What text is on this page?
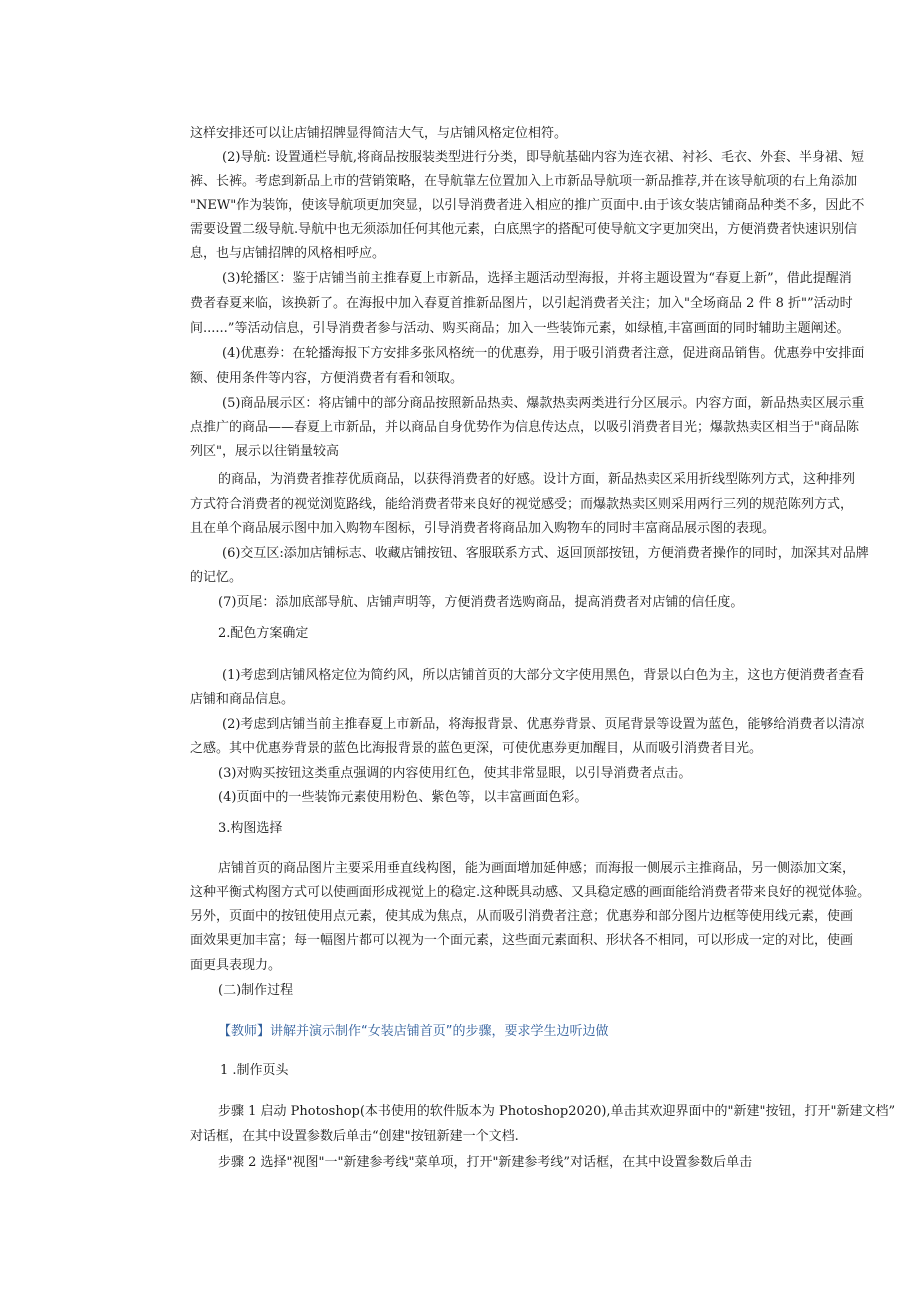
这样安排还可以让店铺招牌显得简洁大气，与店铺风格定位相符。
(2)导航: 设置通栏导航,将商品按服装类型进行分类，即导航基础内容为连衣裙、衬衫、毛衣、外套、半身裙、短
裤、长裤。考虑到新品上市的营销策略，在导航靠左位置加入上市新品导航项一新品推荐,并在该导航项的右上角添加
"NEW"作为装饰，使该导航项更加突显，以引导消费者进入相应的推广页面中.由于该女装店铺商品种类不多，因此不
需要设置二级导航.导航中也无须添加任何其他元素，白底黑字的搭配可使导航文字更加突出，方便消费者快速识别信
息，也与店铺招牌的风格相呼应。
(3)轮播区：鉴于店铺当前主推春夏上市新品，选择主题活动型海报，并将主题设置为“春夏上新”，借此提醒消
费者春夏来临，该换新了。在海报中加入春夏首推新品图片，以引起消费者关注；加入"全场商品 2 件 8 折"”活动时
间......”等活动信息，引导消费者参与活动、购买商品；加入一些装饰元素，如绿植,丰富画面的同时辅助主题阐述。
(4)优惠券：在轮播海报下方安排多张风格统一的优惠券，用于吸引消费者注意，促进商品销售。优惠券中安排面
额、使用条件等内容，方便消费者有看和领取。
(5)商品展示区：将店铺中的部分商品按照新品热卖、爆款热卖两类进行分区展示。内容方面，新品热卖区展示重
点推广的商品——春夏上市新品，并以商品自身优势作为信息传达点，以吸引消费者目光；爆款热卖区相当于"商品陈
列区"，展示以往销量较高
的商品，为消费者推荐优质商品，以获得消费者的好感。设计方面，新品热卖区采用折线型陈列方式，这种排列
方式符合消费者的视觉浏览路线，能给消费者带来良好的视觉感受；而爆款热卖区则采用两行三列的规范陈列方式，
且在单个商品展示图中加入购物车图标，引导消费者将商品加入购物车的同时丰富商品展示图的表现。
(6)交互区:添加店铺标志、收藏店铺按钮、客服联系方式、返回顶部按钮，方便消费者操作的同时，加深其对品牌
的记忆。
(7)页尾：添加底部导航、店铺声明等，方便消费者选购商品，提高消费者对店铺的信任度。
2.配色方案确定
(1)考虑到店铺风格定位为简约风，所以店铺首页的大部分文字使用黑色，背景以白色为主，这也方便消费者查看
店铺和商品信息。
(2)考虑到店铺当前主推春夏上市新品，将海报背景、优惠券背景、页尾背景等设置为蓝色，能够给消费者以清凉
之感。其中优惠券背景的蓝色比海报背景的蓝色更深，可使优惠券更加醒目，从而吸引消费者目光。
(3)对购买按钮这类重点强调的内容使用红色，使其非常显眼，以引导消费者点击。
(4)页面中的一些装饰元素使用粉色、紫色等，以丰富画面色彩。
3.构图选择
店铺首页的商品图片主要采用垂直线构图，能为画面增加延伸感；而海报一侧展示主推商品，另一侧添加文案，
这种平衡式构图方式可以使画面形成视觉上的稳定.这种既具动感、又具稳定感的画面能给消费者带来良好的视觉体验。
另外，页面中的按钮使用点元素，使其成为焦点，从而吸引消费者注意；优惠券和部分图片边框等使用线元素，使画
面效果更加丰富；每一幅图片都可以视为一个面元素，这些面元素面积、形状各不相同，可以形成一定的对比，使画
面更具表现力。
(二)制作过程
【教师】讲解并演示制作“女装店铺首页”的步骤，要求学生边听边做
1 .制作页头
步骤 1 启动 Photoshop(本书使用的软件版本为 Photoshop2020),单击其欢迎界面中的"新建"按钮，打开"新建文档”
对话框，在其中设置参数后单击“创建"按钮新建一个文档.
步骤 2 选择"视图"一"新建参考线"菜单项，打开"新建参考线”对话框，在其中设置参数后单击
